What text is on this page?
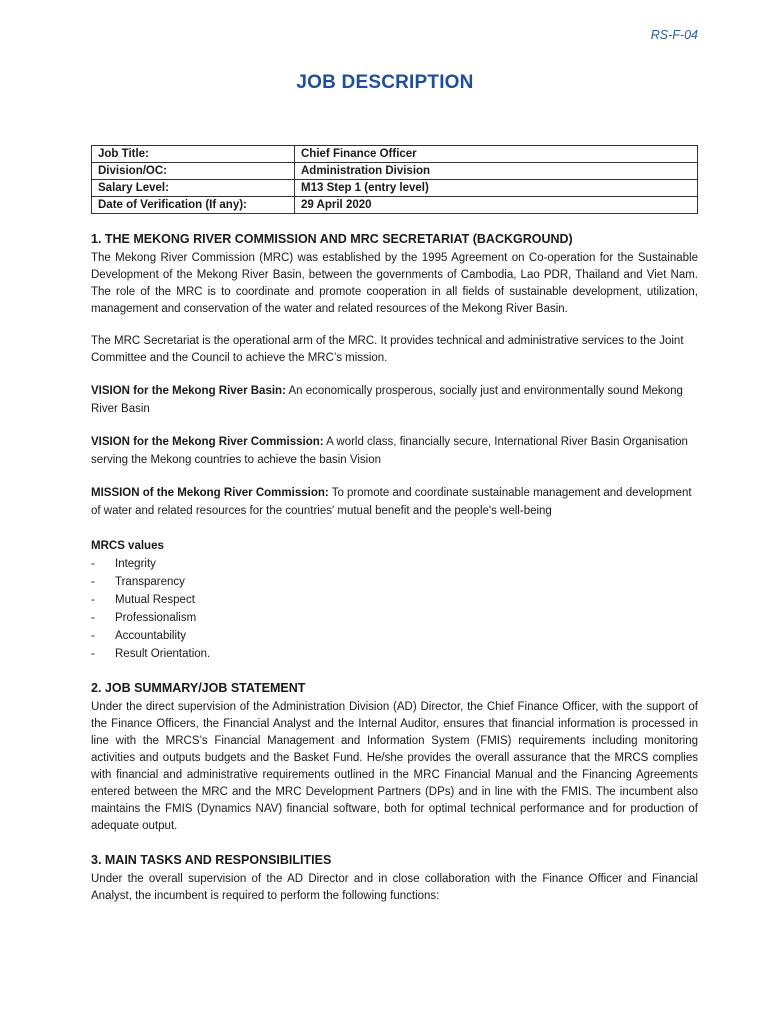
RS-F-04
JOB DESCRIPTION
Job Title:	Chief Finance Officer
Division/OC:	Administration Division
Salary Level:	M13 Step 1 (entry level)
Date of Verification (If any):	29 April 2020
1. THE MEKONG RIVER COMMISSION AND MRC SECRETARIAT (BACKGROUND)

The Mekong River Commission (MRC) was established by the 1995 Agreement on Co-operation for the Sustainable Development of the Mekong River Basin, between the governments of Cambodia, Lao PDR, Thailand and Viet Nam. The role of the MRC is to coordinate and promote cooperation in all fields of sustainable development, utilization, management and conservation of the water and related resources of the Mekong River Basin.

The MRC Secretariat is the operational arm of the MRC. It provides technical and administrative services to the Joint Committee and the Council to achieve the MRC’s mission.

VISION for the Mekong River Basin: An economically prosperous, socially just and environmentally sound Mekong River Basin

VISION for the Mekong River Commission: A world class, financially secure, International River Basin Organisation serving the Mekong countries to achieve the basin Vision

MISSION of the Mekong River Commission: To promote and coordinate sustainable management and development of water and related resources for the countries' mutual benefit and the people's well-being

MRCS values

-	Integrity
-	Transparency
-	Mutual Respect
-	Professionalism
-	Accountability
-	Result Orientation.
2. JOB SUMMARY/JOB STATEMENT

Under the direct supervision of the Administration Division (AD) Director, the Chief Finance Officer, with the support of the Finance Officers, the Financial Analyst and the Internal Auditor, ensures that financial information is processed in line with the MRCS’s Financial Management and Information System (FMIS) requirements including monitoring activities and outputs budgets and the Basket Fund. He/she provides the overall assurance that the MRCS complies with financial and administrative requirements outlined in the MRC Financial Manual and the Financing Agreements entered between the MRC and the MRC Development Partners (DPs) and in line with the FMIS. The incumbent also maintains the FMIS (Dynamics NAV) financial software, both for optimal technical performance and for production of adequate output.

3. MAIN TASKS AND RESPONSIBILITIES

Under the overall supervision of the AD Director and in close collaboration with the Finance Officer and Financial Analyst, the incumbent is required to perform the following functions:
